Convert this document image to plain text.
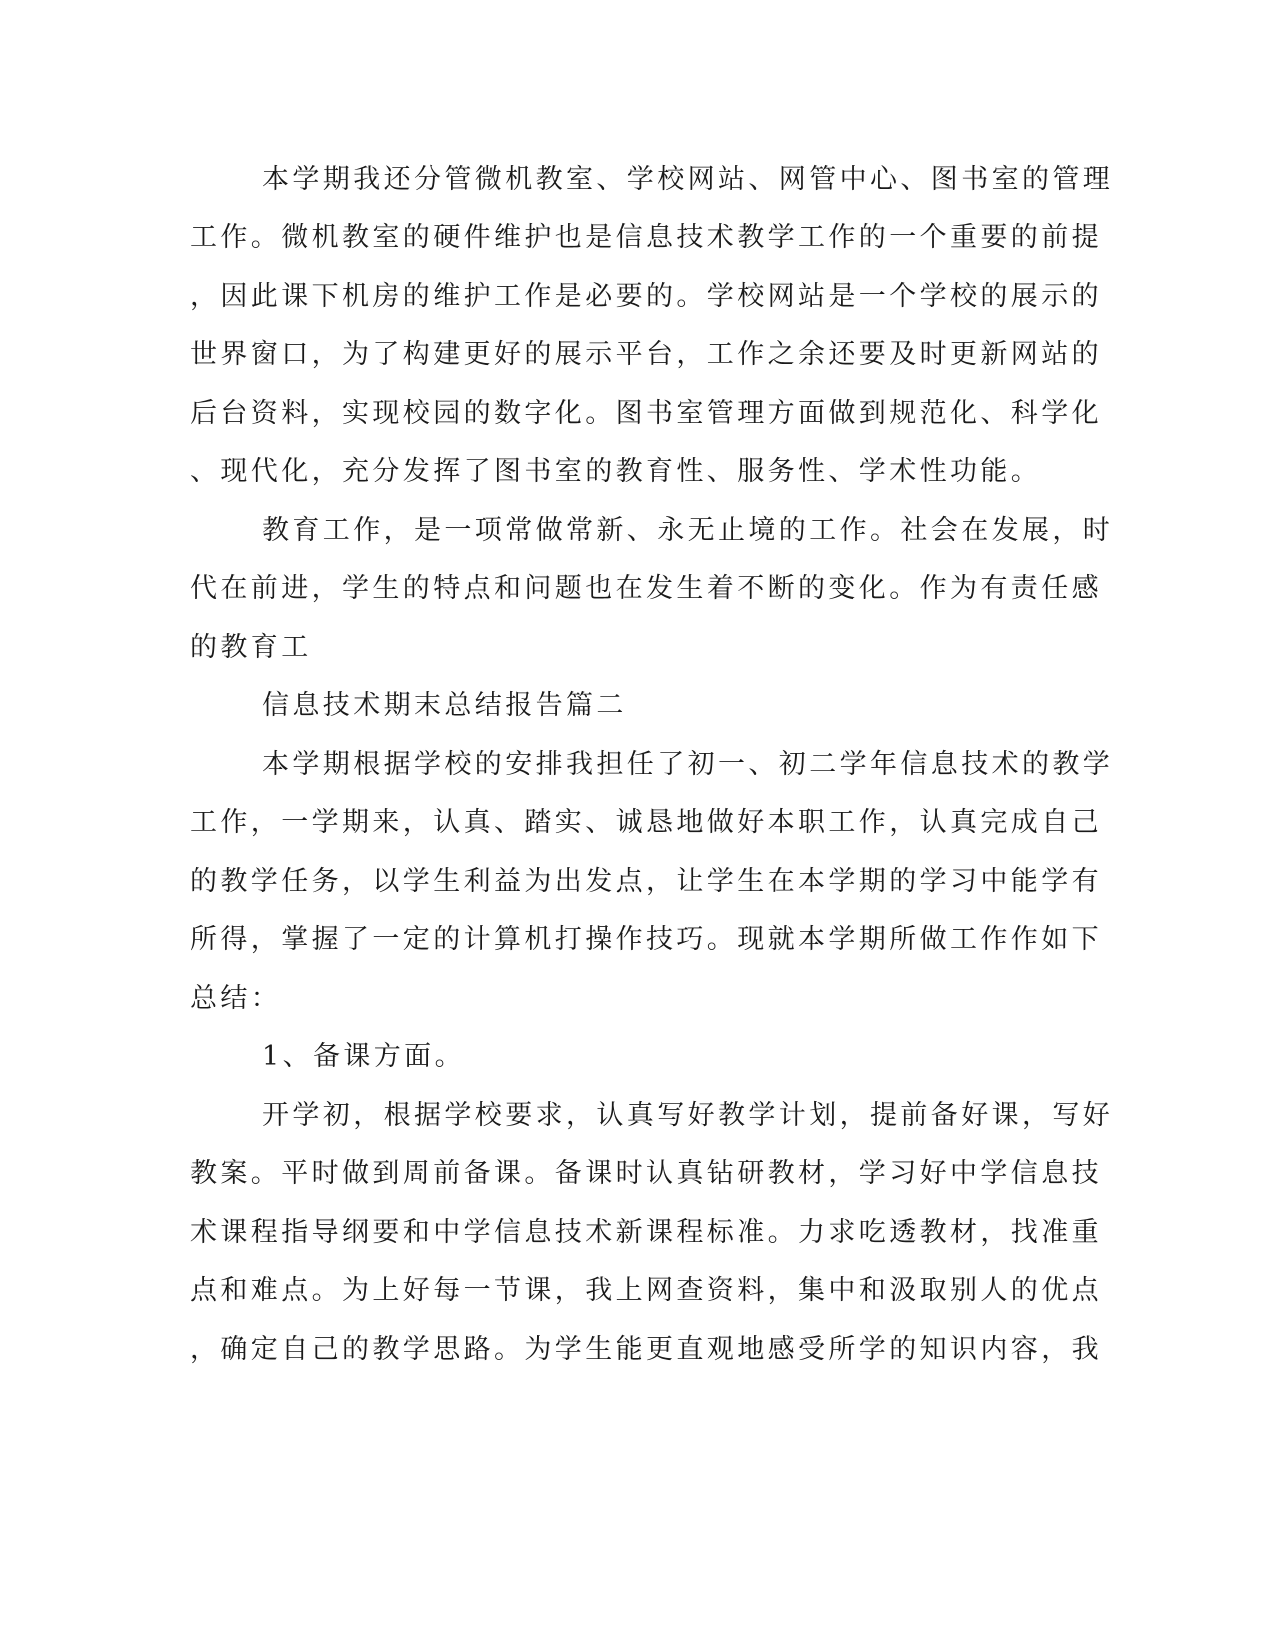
本学期我还分管微机教室、学校网站、网管中心、图书室的管理
工作。微机教室的硬件维护也是信息技术教学工作的一个重要的前提
，因此课下机房的维护工作是必要的。学校网站是一个学校的展示的
世界窗口，为了构建更好的展示平台，工作之余还要及时更新网站的
后台资料，实现校园的数字化。图书室管理方面做到规范化、科学化
、现代化，充分发挥了图书室的教育性、服务性、学术性功能。
教育工作，是一项常做常新、永无止境的工作。社会在发展，时
代在前进，学生的特点和问题也在发生着不断的变化。作为有责任感
的教育工
信息技术期末总结报告篇二
本学期根据学校的安排我担任了初一、初二学年信息技术的教学
工作，一学期来，认真、踏实、诚恳地做好本职工作，认真完成自己
的教学任务，以学生利益为出发点，让学生在本学期的学习中能学有
所得，掌握了一定的计算机打操作技巧。现就本学期所做工作作如下
总结：
1、备课方面。
开学初，根据学校要求，认真写好教学计划，提前备好课，写好
教案。平时做到周前备课。备课时认真钻研教材，学习好中学信息技
术课程指导纲要和中学信息技术新课程标准。力求吃透教材，找准重
点和难点。为上好每一节课，我上网查资料，集中和汲取别人的优点
，确定自己的教学思路。为学生能更直观地感受所学的知识内容，我
